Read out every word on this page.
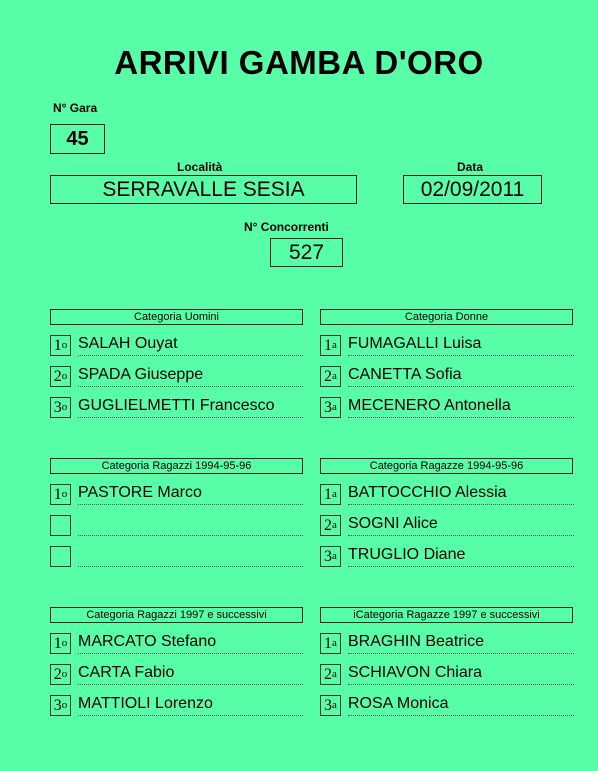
ARRIVI GAMBA D'ORO
N° Gara
45
Località
SERRAVALLE SESIA
Data
02/09/2011
N° Concorrenti
527
Categoria Uomini
1$^o$ SALAH Ouyat
2$^o$ SPADA Giuseppe
3$^o$ GUGLIELMETTI Francesco
Categoria Donne
1$^a$ FUMAGALLI Luisa
2$^a$ CANETTA Sofia
3$^a$ MECENERO Antonella
Categoria Ragazzi 1994-95-96
1$^o$ PASTORE Marco
Categoria Ragazze 1994-95-96
1$^a$ BATTOCCHIO Alessia
2$^a$ SOGNI Alice
3$^a$ TRUGLIO Diane
Categoria Ragazzi 1997 e successivi
1$^o$ MARCATO Stefano
2$^o$ CARTA Fabio
3$^o$ MATTIOLI Lorenzo
iCategoria Ragazze 1997 e successivi
1$^a$ BRAGHIN Beatrice
2$^a$ SCHIAVON Chiara
3$^a$ ROSA Monica
